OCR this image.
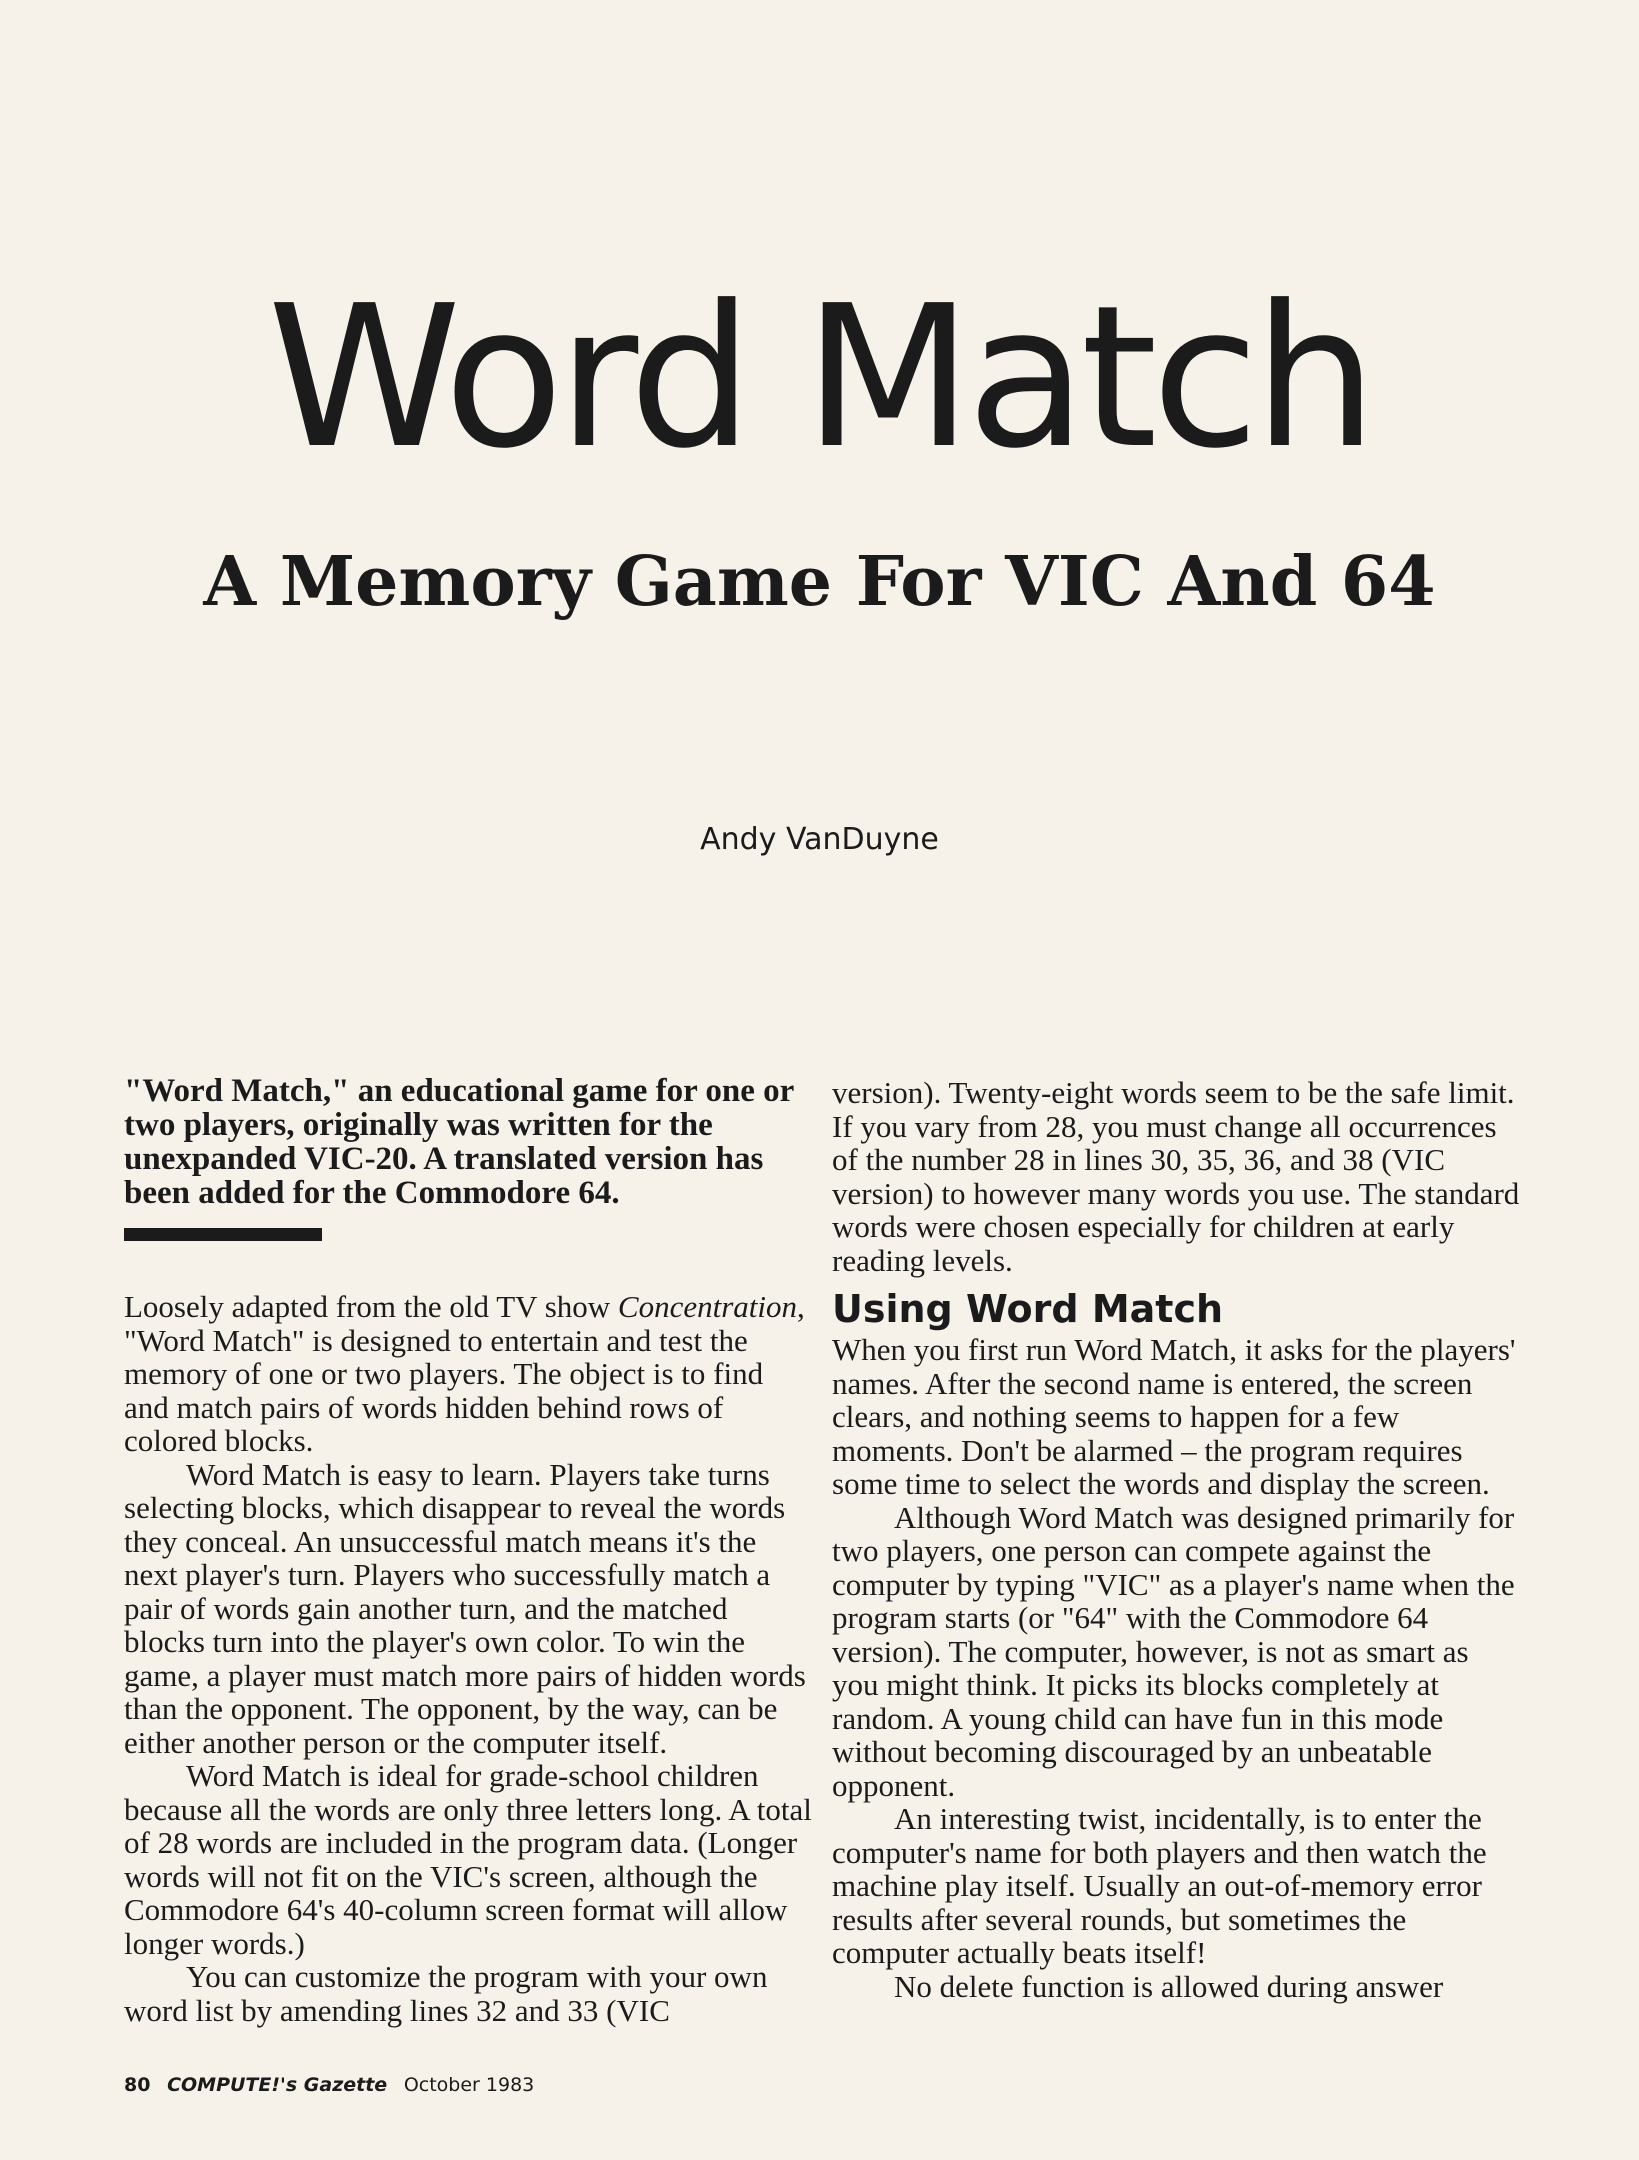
Word Match
A Memory Game For VIC And 64
Andy VanDuyne

"Word Match," an educational game for one or two players, originally was written for the unexpanded VIC-20. A translated version has been added for the Commodore 64.

Loosely adapted from the old TV show Concentration, "Word Match" is designed to entertain and test the memory of one or two players. The object is to find and match pairs of words hidden behind rows of colored blocks.

Word Match is easy to learn. Players take turns selecting blocks, which disappear to reveal the words they conceal. An unsuccessful match means it's the next player's turn. Players who successfully match a pair of words gain another turn, and the matched blocks turn into the player's own color. To win the game, a player must match more pairs of hidden words than the opponent. The opponent, by the way, can be either another person or the computer itself.

Word Match is ideal for grade-school children because all the words are only three letters long. A total of 28 words are included in the program data. (Longer words will not fit on the VIC's screen, although the Commodore 64's 40-column screen format will allow longer words.)

You can customize the program with your own word list by amending lines 32 and 33 (VIC

version). Twenty-eight words seem to be the safe limit. If you vary from 28, you must change all occurrences of the number 28 in lines 30, 35, 36, and 38 (VIC version) to however many words you use. The standard words were chosen especially for children at early reading levels.

Using Word Match

When you first run Word Match, it asks for the players' names. After the second name is entered, the screen clears, and nothing seems to happen for a few moments. Don't be alarmed – the program requires some time to select the words and display the screen.

Although Word Match was designed primarily for two players, one person can compete against the computer by typing "VIC" as a player's name when the program starts (or "64" with the Commodore 64 version). The computer, however, is not as smart as you might think. It picks its blocks completely at random. A young child can have fun in this mode without becoming discouraged by an unbeatable opponent.

An interesting twist, incidentally, is to enter the computer's name for both players and then watch the machine play itself. Usually an out-of-memory error results after several rounds, but sometimes the computer actually beats itself!

No delete function is allowed during answer

80 COMPUTE!'s Gazette October 1983
